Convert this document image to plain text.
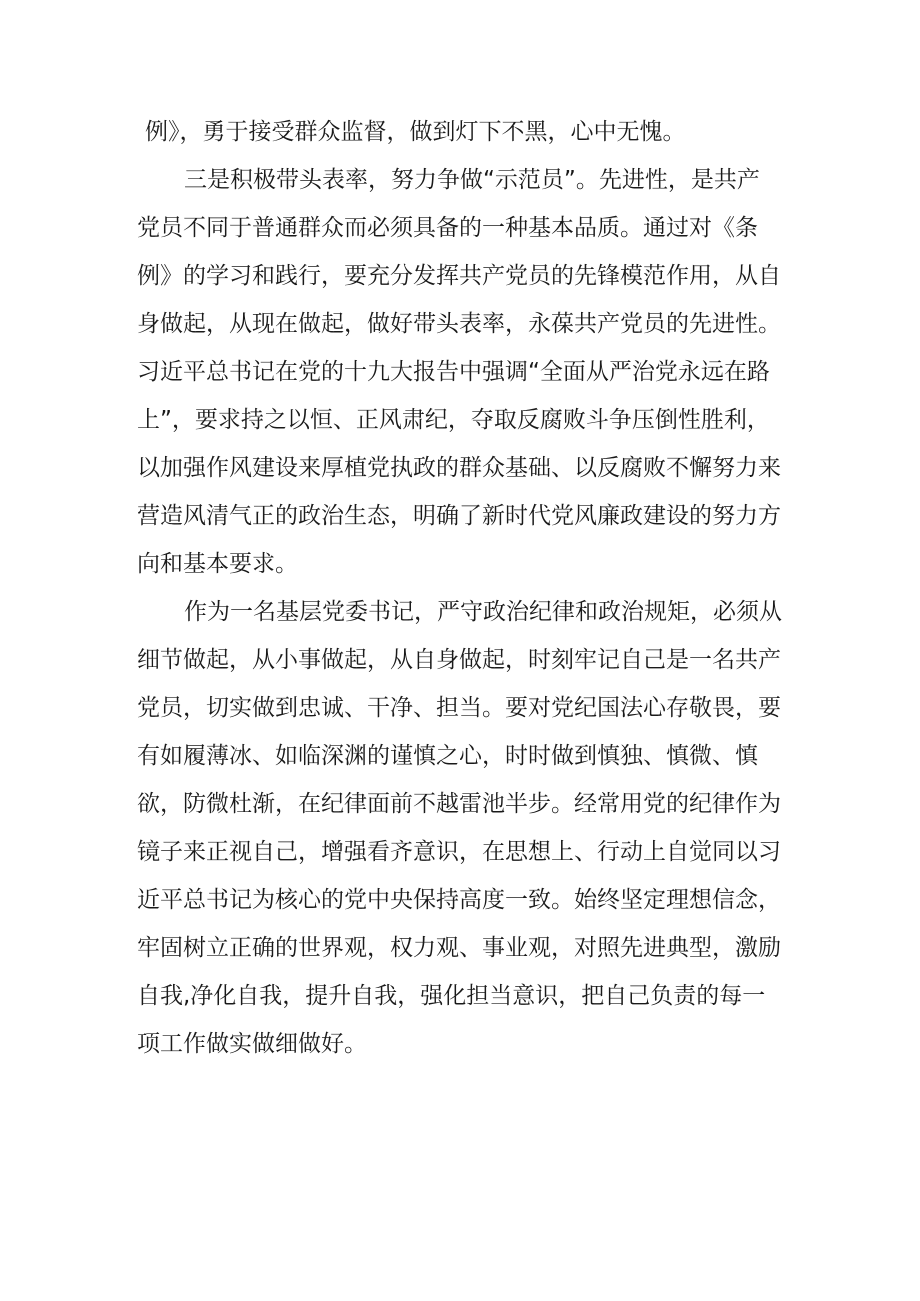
例》，勇于接受群众监督，做到灯下不黑，心中无愧。
三是积极带头表率，努力争做“示范员”。先进性，是共产
党员不同于普通群众而必须具备的一种基本品质。通过对《条
例》的学习和践行，要充分发挥共产党员的先锋模范作用，从自
身做起，从现在做起，做好带头表率，永葆共产党员的先进性。
习近平总书记在党的十九大报告中强调“全面从严治党永远在路
上”，要求持之以恒、正风肃纪，夺取反腐败斗争压倒性胜利，
以加强作风建设来厚植党执政的群众基础、以反腐败不懈努力来
营造风清气正的政治生态，明确了新时代党风廉政建设的努力方
向和基本要求。
作为一名基层党委书记，严守政治纪律和政治规矩，必须从
细节做起，从小事做起，从自身做起，时刻牢记自己是一名共产
党员，切实做到忠诚、干净、担当。要对党纪国法心存敬畏，要
有如履薄冰、如临深渊的谨慎之心，时时做到慎独、慎微、慎
欲，防微杜渐，在纪律面前不越雷池半步。经常用党的纪律作为
镜子来正视自己，增强看齐意识，在思想上、行动上自觉同以习
近平总书记为核心的党中央保持高度一致。始终坚定理想信念，
牢固树立正确的世界观，权力观、事业观，对照先进典型，激励
自我,净化自我，提升自我，强化担当意识，把自己负责的每一
项工作做实做细做好。
